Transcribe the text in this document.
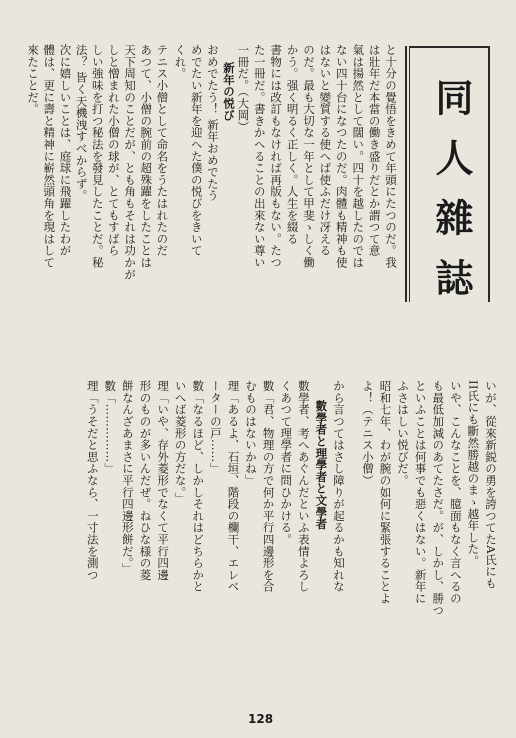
同人雜誌
と十分の覺悟をきめて年頭にたつのだ。我
は壯年だ本當の働き盛りだとか謂つて意
氣は揚然として闊い。四十を越したのでは
ない四十台になつたのだ。肉體も精神も使
はないと變質する使へば使ふだけ冴える
のだ。最も大切な一年として甲斐ゝしく働
かう。强く明るく正しく。人生を綴る
書物には改訂もなければ再版もない。たつ
た一冊だ。書きかへることの出來ない尊い
一冊だ。（大岡）
新年の悦び
おめでたう！ 新年おめでたう
めでたい新年を迎へた僕の悦びをきいて
くれ。
テニス小僧として命名をうたはれたのだ
あつて、小僧の腕前の超殊躍をしたことは
天下周知のことだが、とも角もそれは功かが
しと憎まれた小僧の球が、とてもすばら
しい強味を打つ秘法を發見したことだ。秘
法？ 皆く天機洩すべからず。
次に嬉しいことは、庭球に飛躍したわが
體は、更に壽と精神に嶄然頭角を現はして
來たことだ。
いが、從來新鋭の勇を誇つてたA氏にも
II氏にも斷然勝越のまゝ越年した。
いや、こんなことを、臆面もなく言へるの
も最低加減のあてたさだ。が、しかし、勝つ
といふことは何事でも惡くはない。新年に
ふさはしい悦びだ。
昭和七年、わが腕の如何に緊張することよ
よ！（テニス小僧）
から言つてはさし障りが起るかも知れな
數學者と理學者と文學者
數學者、考へあぐんだといふ表情よろし
くあつて理學者に問ひかける。
數「君、物理の方で何か平行四邊形を合
むものはないかね」
理「あるよ、石垣、階段の欄干、エレベ
ーターの戸……」
數「なるほど、しかしそれはどちらかと
いへば菱形の方だな。」
理「いや、存外菱形でなくて平行四邊
形のものが多いんだぜ。ねひな様の菱
餅なんざあまさに平行四邊形餅だ。」
數「……………」
理「うそだと思ふなら、一寸法を測つ
128
